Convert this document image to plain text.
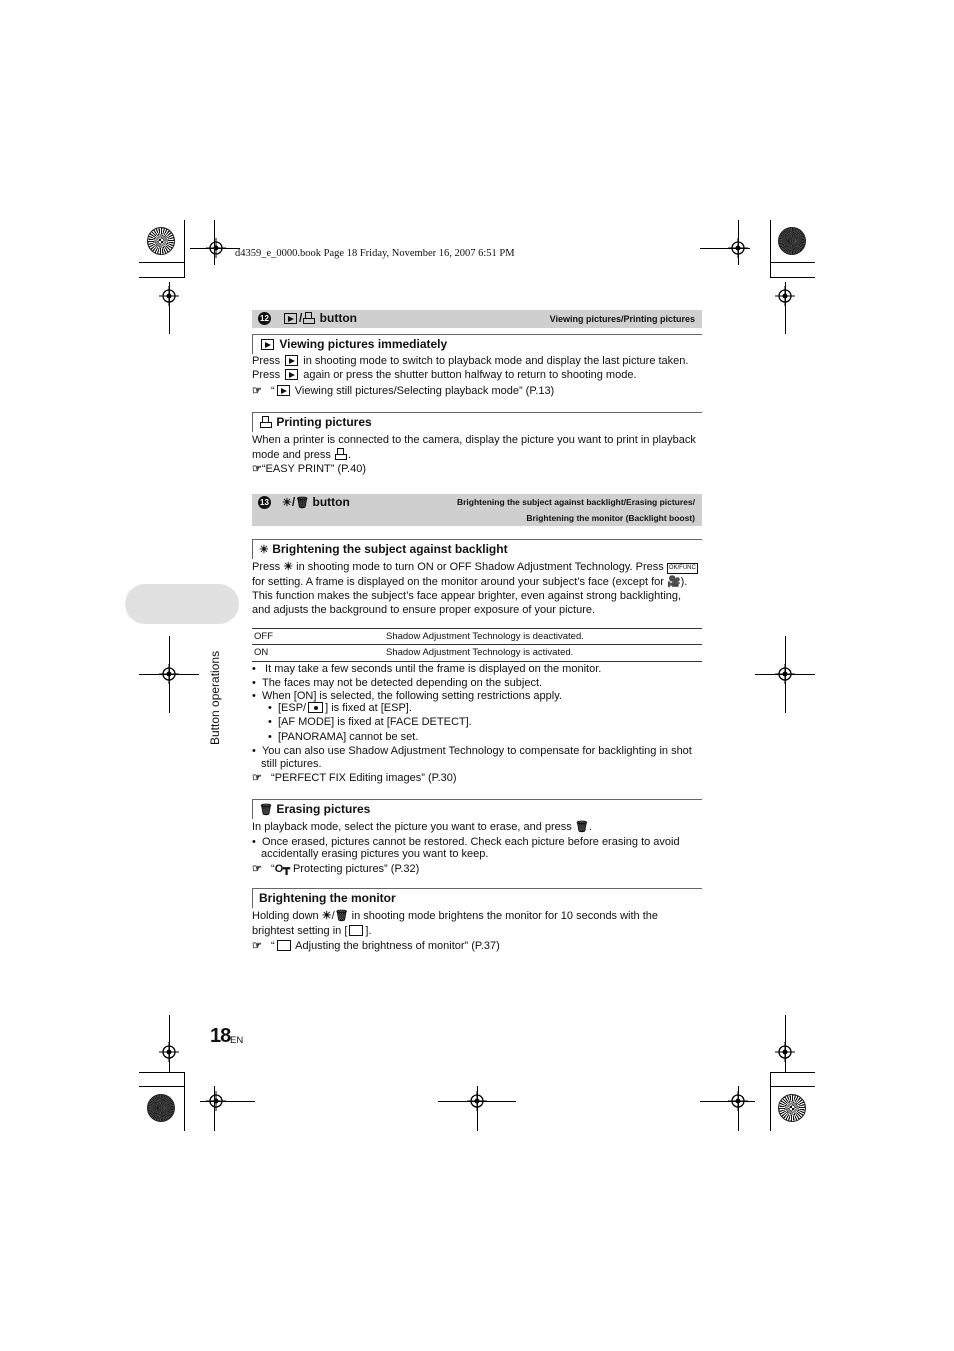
d4359_e_0000.book Page 18 Friday, November 16, 2007 6:51 PM
Button operations
12	/ button	Viewing pictures/Printing pictures
Viewing pictures immediately
Press  in shooting mode to switch to playback mode and display the last picture taken.
Press  again or press the shutter button halfway to return to shooting mode.
☞ “ Viewing still pictures/Selecting playback mode” (P.13)
Printing pictures
When a printer is connected to the camera, display the picture you want to print in playback
mode and press .
☞“EASY PRINT” (P.40)
13 ☀/🗑 button	Brightening the subject against backlight/Erasing pictures/
Brightening the monitor (Backlight boost)
☀ Brightening the subject against backlight
Press ☀ in shooting mode to turn ON or OFF Shadow Adjustment Technology. Press OK/FUNC
for setting. A frame is displayed on the monitor around your subject’s face (except for 🎥).
This function makes the subject’s face appear brighter, even against strong backlighting,
and adjusts the background to ensure proper exposure of your picture.
OFF	Shadow Adjustment Technology is deactivated.
ON	Shadow Adjustment Technology is activated.
•   It may take a few seconds until the frame is displayed on the monitor.
•  The faces may not be detected depending on the subject.
•  When [ON] is selected, the following setting restrictions apply.
•  [ESP/ ] is fixed at [ESP].
•  [AF MODE] is fixed at [FACE DETECT].
•  [PANORAMA] cannot be set.
•  You can also use Shadow Adjustment Technology to compensate for backlighting in shot
still pictures.
☞ “PERFECT FIX Editing images” (P.30)
🗑 Erasing pictures
In playback mode, select the picture you want to erase, and press 🗑.
•  Once erased, pictures cannot be restored. Check each picture before erasing to avoid
accidentally erasing pictures you want to keep.
☞ “O┳ Protecting pictures” (P.32)
Brightening the monitor
Holding down ☀/🗑 in shooting mode brightens the monitor for 10 seconds with the
brightest setting in [ ].
☞ “ Adjusting the brightness of monitor” (P.37)
18 EN
